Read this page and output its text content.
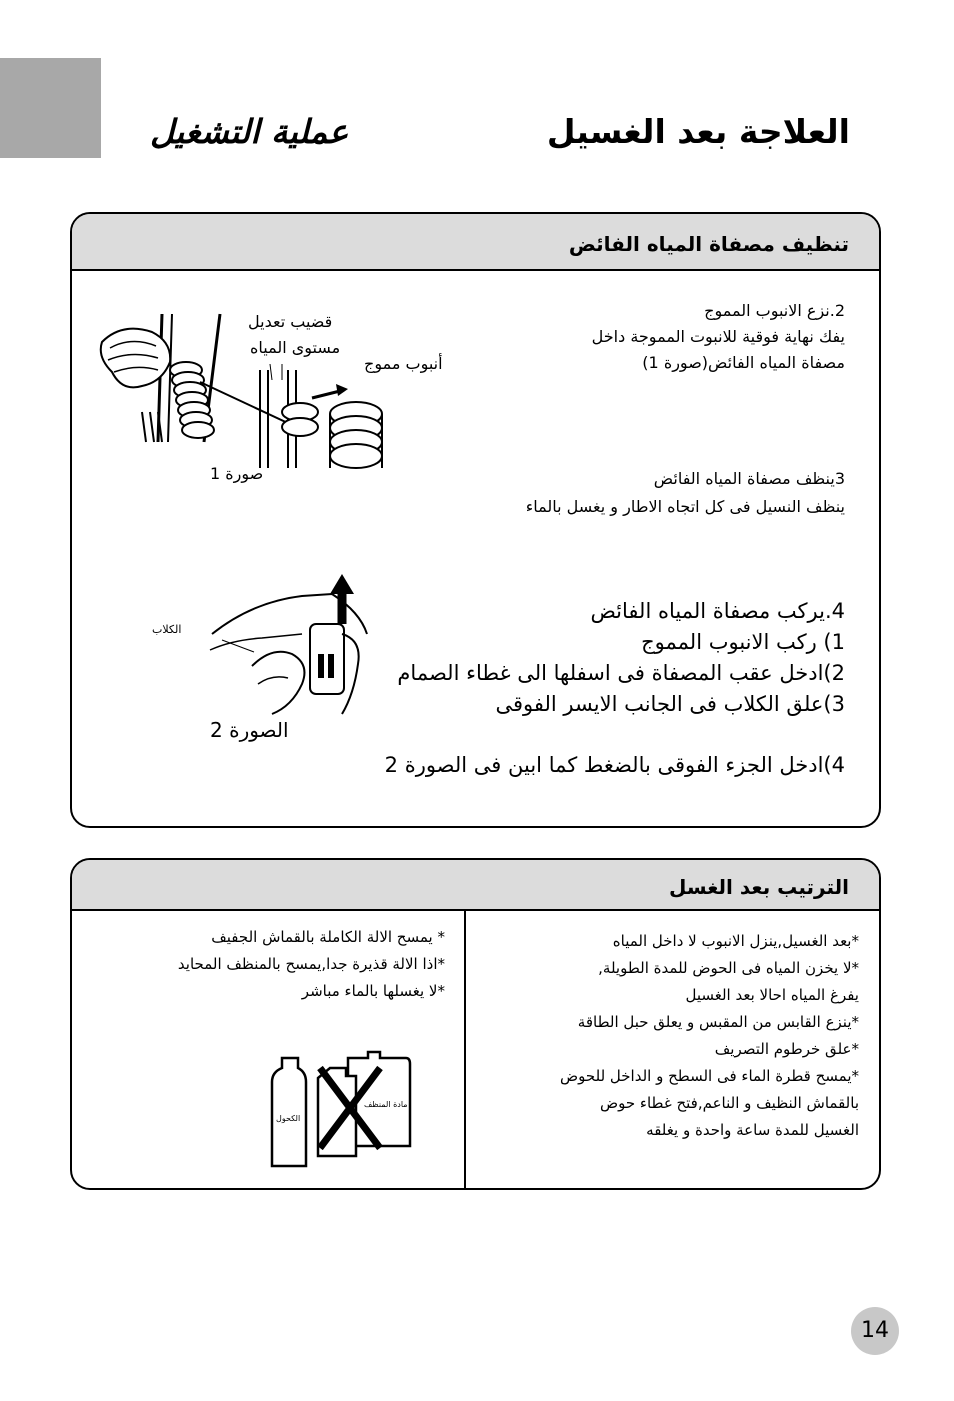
العلاجة بعد الغسيل
عملية التشغيل
تنظيف مصفاة المياه الفائض
2.نزع الانبوب المموج
يفك نهاية فوقية للانبوت المموجة داخل
مصفاة المياه الفائض(صورة 1)
3ينظف مصفاة المياه الفائض
ينظف النسيل فى كل اتجاه الاطار و يغسل بالماء
4.يركب مصفاة المياه الفائض
1) ركب الانبوب المموج
2)ادخل عقب المصفاة فى اسفلها الى غطاء الصمام
3)علق الكلاب فى الجانب الايسر الفوقى
4)ادخل الجزء الفوقى بالضغط كما ابين فى الصورة 2
قضيب تعديل
مستوى المياه
أنبوب مموج
صورة 1
الكلاب
الصورة 2
الترتيب بعد الغسل
*بعد الغسيل,ينزل الانبوب لا داخل المياه
*لا يخزن المياه فى الحوض للمدة الطويلة,
يفرغ المياه احالا بعد الغسيل
*ينزع القابس من المقبس و يعلق حبل الطاقة
*علق خرطوم التصريف
*يمسح قطرة الماء فى السطح و الداخل للحوض
بالقماش النظيف و الناعم,فتح غطاء حوض
الغسيل للمدة ساعة واحدة و يغلقه
* يمسح الالة الكاملة بالقماش الجفيف
*اذا الالة قذيرة جدا,يمسح بالمنظف المحايد
*لا يغسلها بالماء مباشر
الكحول
مادة المنظف
14
